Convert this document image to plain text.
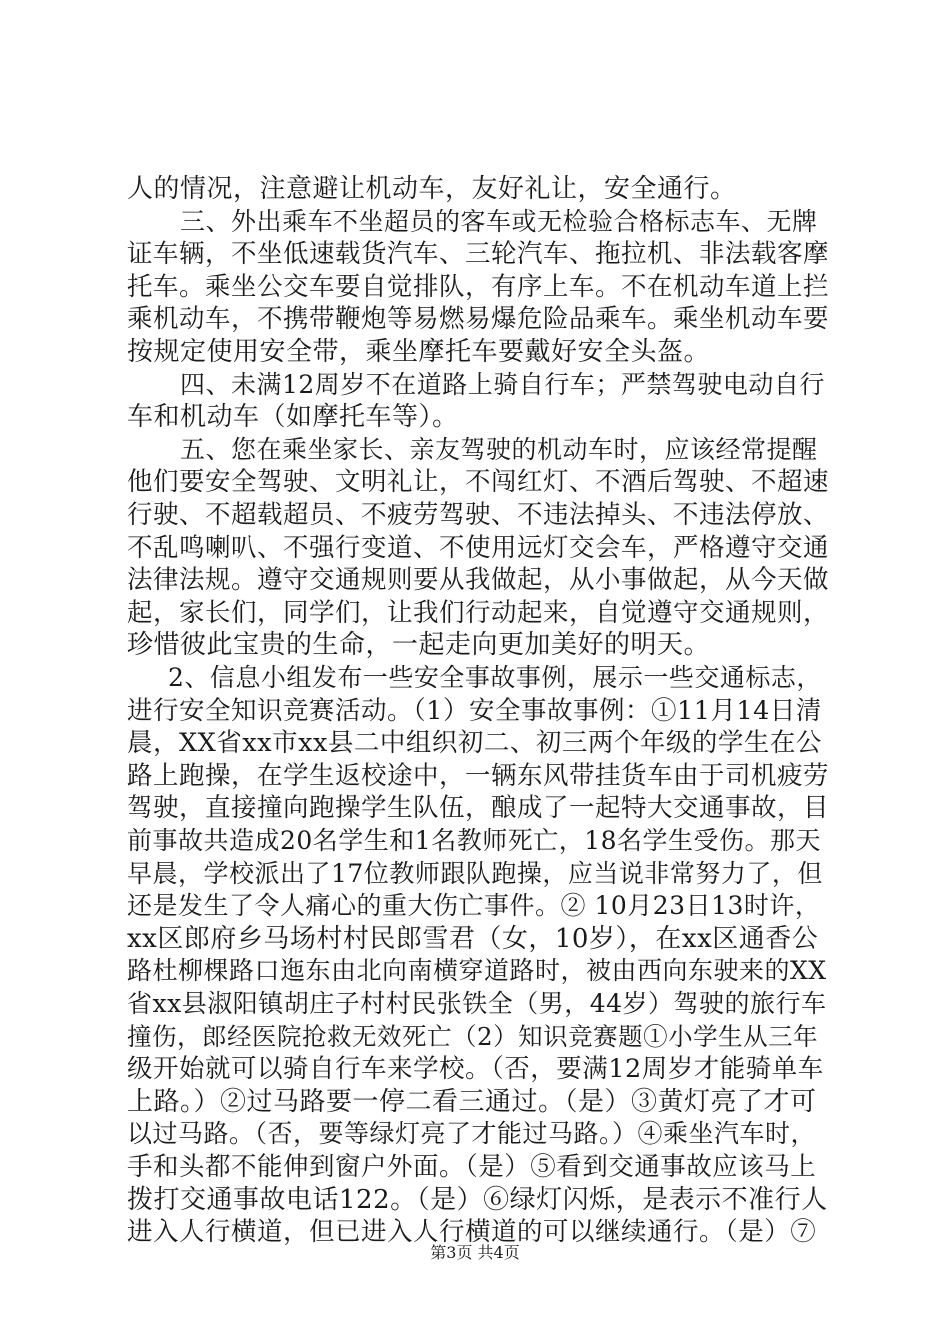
人的情况，注意避让机动车，友好礼让，安全通行。
三、外出乘车不坐超员的客车或无检验合格标志车、无牌
证车辆，不坐低速载货汽车、三轮汽车、拖拉机、非法载客摩
托车。乘坐公交车要自觉排队，有序上车。不在机动车道上拦
乘机动车，不携带鞭炮等易燃易爆危险品乘车。乘坐机动车要
按规定使用安全带，乘坐摩托车要戴好安全头盔。
四、未满12周岁不在道路上骑自行车；严禁驾驶电动自行
车和机动车（如摩托车等）。
五、您在乘坐家长、亲友驾驶的机动车时，应该经常提醒
他们要安全驾驶、文明礼让，不闯红灯、不酒后驾驶、不超速
行驶、不超载超员、不疲劳驾驶、不违法掉头、不违法停放、
不乱鸣喇叭、不强行变道、不使用远灯交会车，严格遵守交通
法律法规。遵守交通规则要从我做起，从小事做起，从今天做
起，家长们，同学们，让我们行动起来，自觉遵守交通规则，
珍惜彼此宝贵的生命，一起走向更加美好的明天。
2、信息小组发布一些安全事故事例，展示一些交通标志，
进行安全知识竞赛活动。（1）安全事故事例：①11月14日清
晨，XX省xx市xx县二中组织初二、初三两个年级的学生在公
路上跑操，在学生返校途中，一辆东风带挂货车由于司机疲劳
驾驶，直接撞向跑操学生队伍，酿成了一起特大交通事故，目
前事故共造成20名学生和1名教师死亡，18名学生受伤。那天
早晨，学校派出了17位教师跟队跑操，应当说非常努力了，但
还是发生了令人痛心的重大伤亡事件。② 10月23日13时许，
xx区郎府乡马场村村民郎雪君（女，10岁），在xx区通香公
路杜柳棵路口迤东由北向南横穿道路时，被由西向东驶来的XX
省xx县淑阳镇胡庄子村村民张铁全（男，44岁）驾驶的旅行车
撞伤，郎经医院抢救无效死亡（2）知识竞赛题①小学生从三年
级开始就可以骑自行车来学校。（否，要满12周岁才能骑单车
上路。）②过马路要一停二看三通过。（是）③黄灯亮了才可
以过马路。（否，要等绿灯亮了才能过马路。）④乘坐汽车时，
手和头都不能伸到窗户外面。（是）⑤看到交通事故应该马上
拨打交通事故电话122。（是）⑥绿灯闪烁，是表示不准行人
进入人行横道，但已进入人行横道的可以继续通行。（是）⑦
第3页 共4页
